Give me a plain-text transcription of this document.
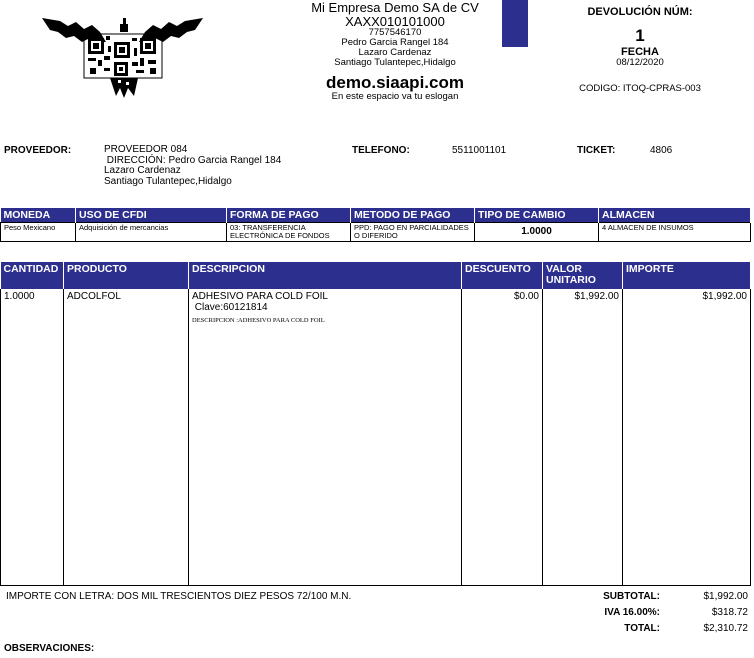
Mi Empresa Demo SA de CV
XAXX010101000
7757546170
Pedro Garcia Rangel 184
Lazaro Cardenaz
Santiago Tulantepec,Hidalgo
demo.siaapi.com
En este espacio va tu eslogan
DEVOLUCIÓN NÚM:
1
FECHA
08/12/2020
CODIGO: ITOQ-CPRAS-003
PROVEEDOR:	PROVEEDOR 084
DIRECCIÓN: Pedro Garcia Rangel 184
Lazaro Cardenaz
Santiago Tulantepec,Hidalgo
TELEFONO:	5511001101	TICKET:	4806
MONEDA	USO DE CFDI	FORMA DE PAGO	METODO DE PAGO	TIPO DE CAMBIO	ALMACEN
Peso Mexicano	Adquisición de mercancias	03: TRANSFERENCIA ELECTRÓNICA DE FONDOS	PPD: PAGO EN PARCIALIDADES O DIFERIDO	1.0000	4 ALMACEN DE INSUMOS
CANTIDAD	PRODUCTO	DESCRIPCION	DESCUENTO	VALOR UNITARIO	IMPORTE
1.0000	ADCOLFOL	ADHESIVO PARA COLD FOIL
Clave:60121814
DESCRIPCION :ADHESIVO PARA COLD FOIL	$0.00	$1,992.00	$1,992.00
IMPORTE CON LETRA: DOS MIL TRESCIENTOS DIEZ PESOS 72/100 M.N.	SUBTOTAL:	$1,992.00
IVA 16.00%:	$318.72
TOTAL:	$2,310.72
OBSERVACIONES:
